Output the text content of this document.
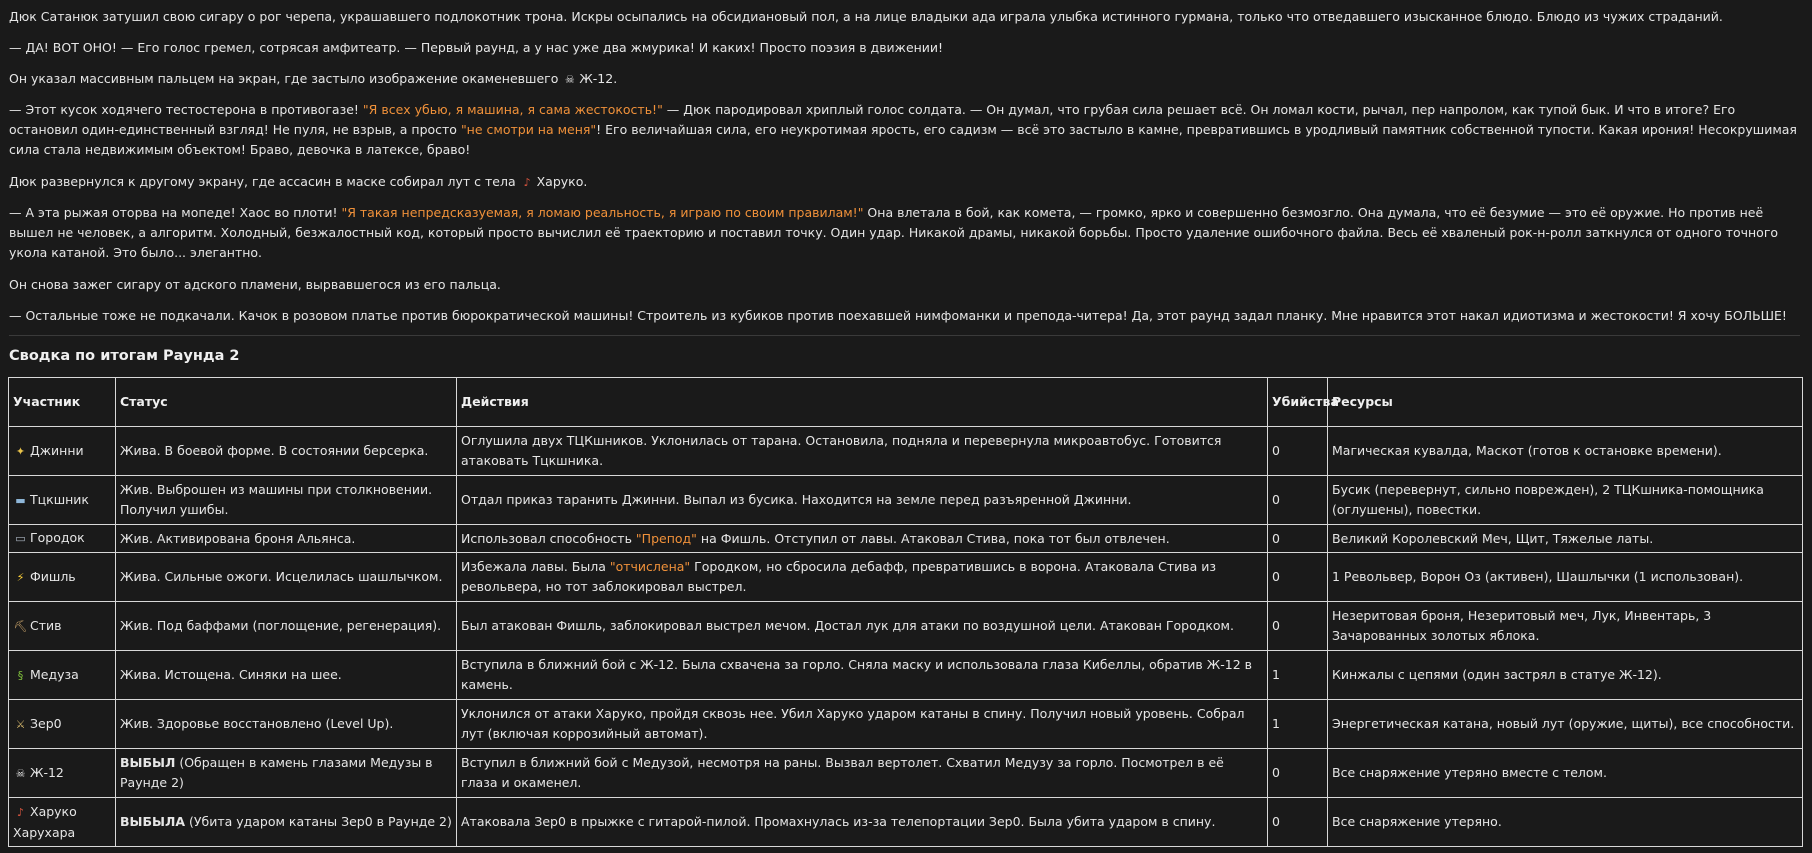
Дюк Сатанюк затушил свою сигару о рог черепа, украшавшего подлокотник трона. Искры осыпались на обсидиановый пол, а на лице владыки ада играла улыбка истинного гурмана, только что отведавшего изысканное блюдо. Блюдо из чужих страданий.

— ДА! ВОТ ОНО! — Его голос гремел, сотрясая амфитеатр. — Первый раунд, а у нас уже два жмурика! И каких! Просто поэзия в движении!

Он указал массивным пальцем на экран, где застыло изображение окаменевшего ☠ Ж-12.

— Этот кусок ходячего тестостерона в противогазе! "Я всех убью, я машина, я сама жестокость!" — Дюк пародировал хриплый голос солдата. — Он думал, что грубая сила решает всё. Он ломал кости, рычал, пер напролом, как тупой бык. И что в итоге? Его остановил один-единственный взгляд! Не пуля, не взрыв, а просто "не смотри на меня"! Его величайшая сила, его неукротимая ярость, его садизм — всё это застыло в камне, превратившись в уродливый памятник собственной тупости. Какая ирония! Несокрушимая сила стала недвижимым объектом! Браво, девочка в латексе, браво!

Дюк развернулся к другому экрану, где ассасин в маске собирал лут с тела ♪ Харуко.

— А эта рыжая оторва на мопеде! Хаос во плоти! "Я такая непредсказуемая, я ломаю реальность, я играю по своим правилам!" Она влетала в бой, как комета, — громко, ярко и совершенно безмозгло. Она думала, что её безумие — это её оружие. Но против неё вышел не человек, а алгоритм. Холодный, безжалостный код, который просто вычислил её траекторию и поставил точку. Один удар. Никакой драмы, никакой борьбы. Просто удаление ошибочного файла. Весь её хваленый рок-н-ролл заткнулся от одного точного укола катаной. Это было... элегантно.

Он снова зажег сигару от адского пламени, вырвавшегося из его пальца.

— Остальные тоже не подкачали. Качок в розовом платье против бюрократической машины! Строитель из кубиков против поехавшей нимфоманки и препода-читера! Да, этот раунд задал планку. Мне нравится этот накал идиотизма и жестокости! Я хочу БОЛЬШЕ!

Сводка по итогам Раунда 2
Участник	Статус	Действия	Убийства	Ресурсы
✦ Джинни	Жива. В боевой форме. В состоянии берсерка.	Оглушила двух ТЦКшников. Уклонилась от тарана. Остановила, подняла и перевернула микроавтобус. Готовится атаковать Тцкшника.	0	Магическая кувалда, Маскот (готов к остановке времени).
▬ Тцкшник	Жив. Выброшен из машины при столкновении. Получил ушибы.	Отдал приказ таранить Джинни. Выпал из бусика. Находится на земле перед разъяренной Джинни.	0	Бусик (перевернут, сильно поврежден), 2 ТЦКшника-помощника (оглушены), повестки.
▭ Городок	Жив. Активирована броня Альянса.	Использовал способность "Препод" на Фишль. Отступил от лавы. Атаковал Стива, пока тот был отвлечен.	0	Великий Королевский Меч, Щит, Тяжелые латы.
⚡ Фишль	Жива. Сильные ожоги. Исцелилась шашлычком.	Избежала лавы. Была "отчислена" Городком, но сбросила дебафф, превратившись в ворона. Атаковала Стива из револьвера, но тот заблокировал выстрел.	0	1 Револьвер, Ворон Оз (активен), Шашлычки (1 использован).
⛏ Стив	Жив. Под баффами (поглощение, регенерация).	Был атакован Фишль, заблокировал выстрел мечом. Достал лук для атаки по воздушной цели. Атакован Городком.	0	Незеритовая броня, Незеритовый меч, Лук, Инвентарь, 3 Зачарованных золотых яблока.
§ Медуза	Жива. Истощена. Синяки на шее.	Вступила в ближний бой с Ж-12. Была схвачена за горло. Сняла маску и использовала глаза Кибеллы, обратив Ж-12 в камень.	1	Кинжалы с цепями (один застрял в статуе Ж-12).
⚔ Зер0	Жив. Здоровье восстановлено (Level Up).	Уклонился от атаки Харуко, пройдя сквозь нее. Убил Харуко ударом катаны в спину. Получил новый уровень. Собрал лут (включая коррозийный автомат).	1	Энергетическая катана, новый лут (оружие, щиты), все способности.
☠ Ж-12	ВЫБЫЛ (Обращен в камень глазами Медузы в Раунде 2)	Вступил в ближний бой с Медузой, несмотря на раны. Вызвал вертолет. Схватил Медузу за горло. Посмотрел в её глаза и окаменел.	0	Все снаряжение утеряно вместе с телом.
♪ Харуко Харухара	ВЫБЫЛА (Убита ударом катаны Зер0 в Раунде 2)	Атаковала Зер0 в прыжке с гитарой-пилой. Промахнулась из-за телепортации Зер0. Была убита ударом в спину.	0	Все снаряжение утеряно.
